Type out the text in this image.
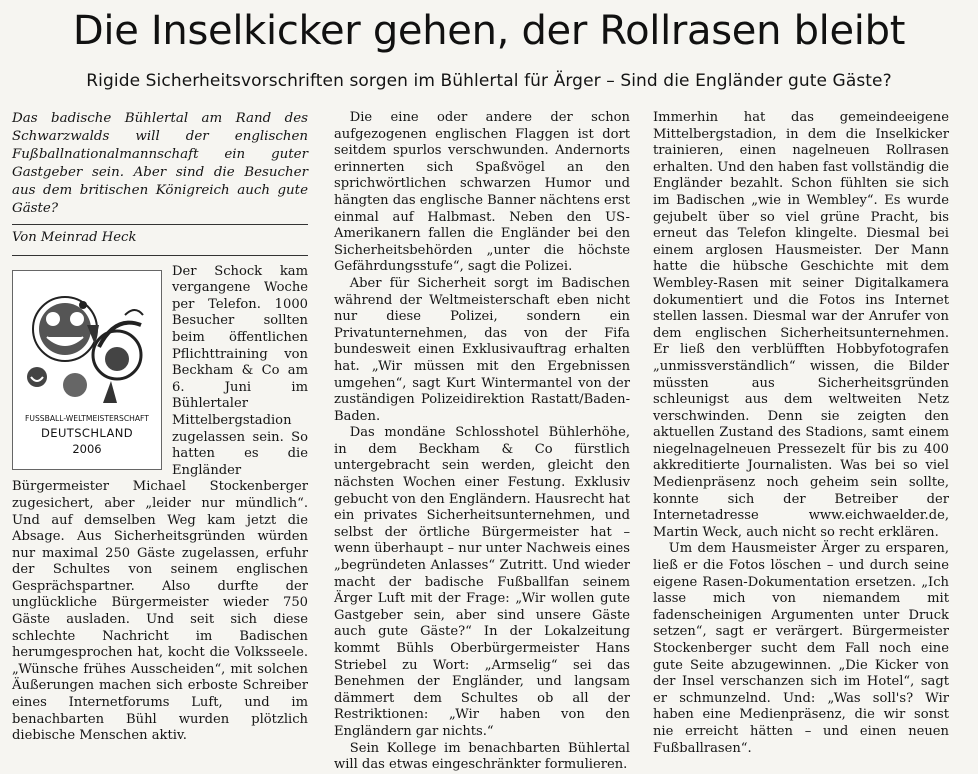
Die Inselkicker gehen, der Rollrasen bleibt
Rigide Sicherheitsvorschriften sorgen im Bühlertal für Ärger – Sind die Engländer gute Gäste?
Das badische Bühlertal am Rand des Schwarzwalds will der englischen Fußballnationalmannschaft ein guter Gastgeber sein. Aber sind die Besucher aus dem britischen Königreich auch gute Gäste?
Von Meinrad Heck
FUSSBALL-WELTMEISTERSCHAFT
DEUTSCHLAND
2006

Der Schock kam vergangene Woche per Telefon. 1000 Besucher sollten beim öffentlichen Pflichttraining von Beckham & Co am 6. Juni im Bühlertaler Mittelbergstadion zugelassen sein. So hatten es die Engländer Bürgermeister Michael Stockenberger zugesichert, aber „leider nur mündlich“. Und auf demselben Weg kam jetzt die Absage. Aus Sicherheitsgründen würden nur maximal 250 Gäste zugelassen, erfuhr der Schultes von seinem englischen Gesprächspartner. Also durfte der unglückliche Bürgermeister wieder 750 Gäste ausladen. Und seit sich diese schlechte Nachricht im Badischen herumgesprochen hat, kocht die Volksseele. „Wünsche frühes Ausscheiden“, mit solchen Äußerungen machen sich erboste Schreiber eines Internetforums Luft, und im benachbarten Bühl wurden plötzlich diebische Menschen aktiv.

Die eine oder andere der schon aufgezogenen englischen Flaggen ist dort seitdem spurlos verschwunden. Andernorts erinnerten sich Spaßvögel an den sprichwörtlichen schwarzen Humor und hängten das englische Banner nächtens erst einmal auf Halbmast. Neben den US-Amerikanern fallen die Engländer bei den Sicherheitsbehörden „unter die höchste Gefährdungsstufe“, sagt die Polizei.

Aber für Sicherheit sorgt im Badischen während der Weltmeisterschaft eben nicht nur diese Polizei, sondern ein Privatunternehmen, das von der Fifa bundesweit einen Exklusivauftrag erhalten hat. „Wir müssen mit den Ergebnissen umgehen“, sagt Kurt Wintermantel von der zuständigen Polizeidirektion Rastatt/Baden-Baden.

Das mondäne Schlosshotel Bühlerhöhe, in dem Beckham & Co fürstlich untergebracht sein werden, gleicht den nächsten Wochen einer Festung. Exklusiv gebucht von den Engländern. Hausrecht hat ein privates Sicherheitsunternehmen, und selbst der örtliche Bürgermeister hat – wenn überhaupt – nur unter Nachweis eines „begründeten Anlasses“ Zutritt. Und wieder macht der badische Fußballfan seinem Ärger Luft mit der Frage: „Wir wollen gute Gastgeber sein, aber sind unsere Gäste auch gute Gäste?“ In der Lokalzeitung kommt Bühls Oberbürgermeister Hans Striebel zu Wort: „Armselig“ sei das Benehmen der Engländer, und langsam dämmert dem Schultes ob all der Restriktionen: „Wir haben von den Engländern gar nichts.“

Sein Kollege im benachbarten Bühlertal will das etwas eingeschränkter formulieren.

Immerhin hat das gemeindeeigene Mittelbergstadion, in dem die Inselkicker trainieren, einen nagelneuen Rollrasen erhalten. Und den haben fast vollständig die Engländer bezahlt. Schon fühlten sie sich im Badischen „wie in Wembley“. Es wurde gejubelt über so viel grüne Pracht, bis erneut das Telefon klingelte. Diesmal bei einem arglosen Hausmeister. Der Mann hatte die hübsche Geschichte mit dem Wembley-Rasen mit seiner Digitalkamera dokumentiert und die Fotos ins Internet stellen lassen. Diesmal war der Anrufer von dem englischen Sicherheitsunternehmen. Er ließ den verblüfften Hobbyfotografen „unmissverständlich“ wissen, die Bilder müssten aus Sicherheitsgründen schleunigst aus dem weltweiten Netz verschwinden. Denn sie zeigten den aktuellen Zustand des Stadions, samt einem niegelnagelneuen Pressezelt für bis zu 400 akkreditierte Journalisten. Was bei so viel Medienpräsenz noch geheim sein sollte, konnte sich der Betreiber der Internetadresse www.eichwaelder.de, Martin Weck, auch nicht so recht erklären.

Um dem Hausmeister Ärger zu ersparen, ließ er die Fotos löschen – und durch seine eigene Rasen-Dokumentation ersetzen. „Ich lasse mich von niemandem mit fadenscheinigen Argumenten unter Druck setzen“, sagt er verärgert. Bürgermeister Stockenberger sucht dem Fall noch eine gute Seite abzugewinnen. „Die Kicker von der Insel verschanzen sich im Hotel“, sagt er schmunzelnd. Und: „Was soll's? Wir haben eine Medienpräsenz, die wir sonst nie erreicht hätten – und einen neuen Fußballrasen“.
